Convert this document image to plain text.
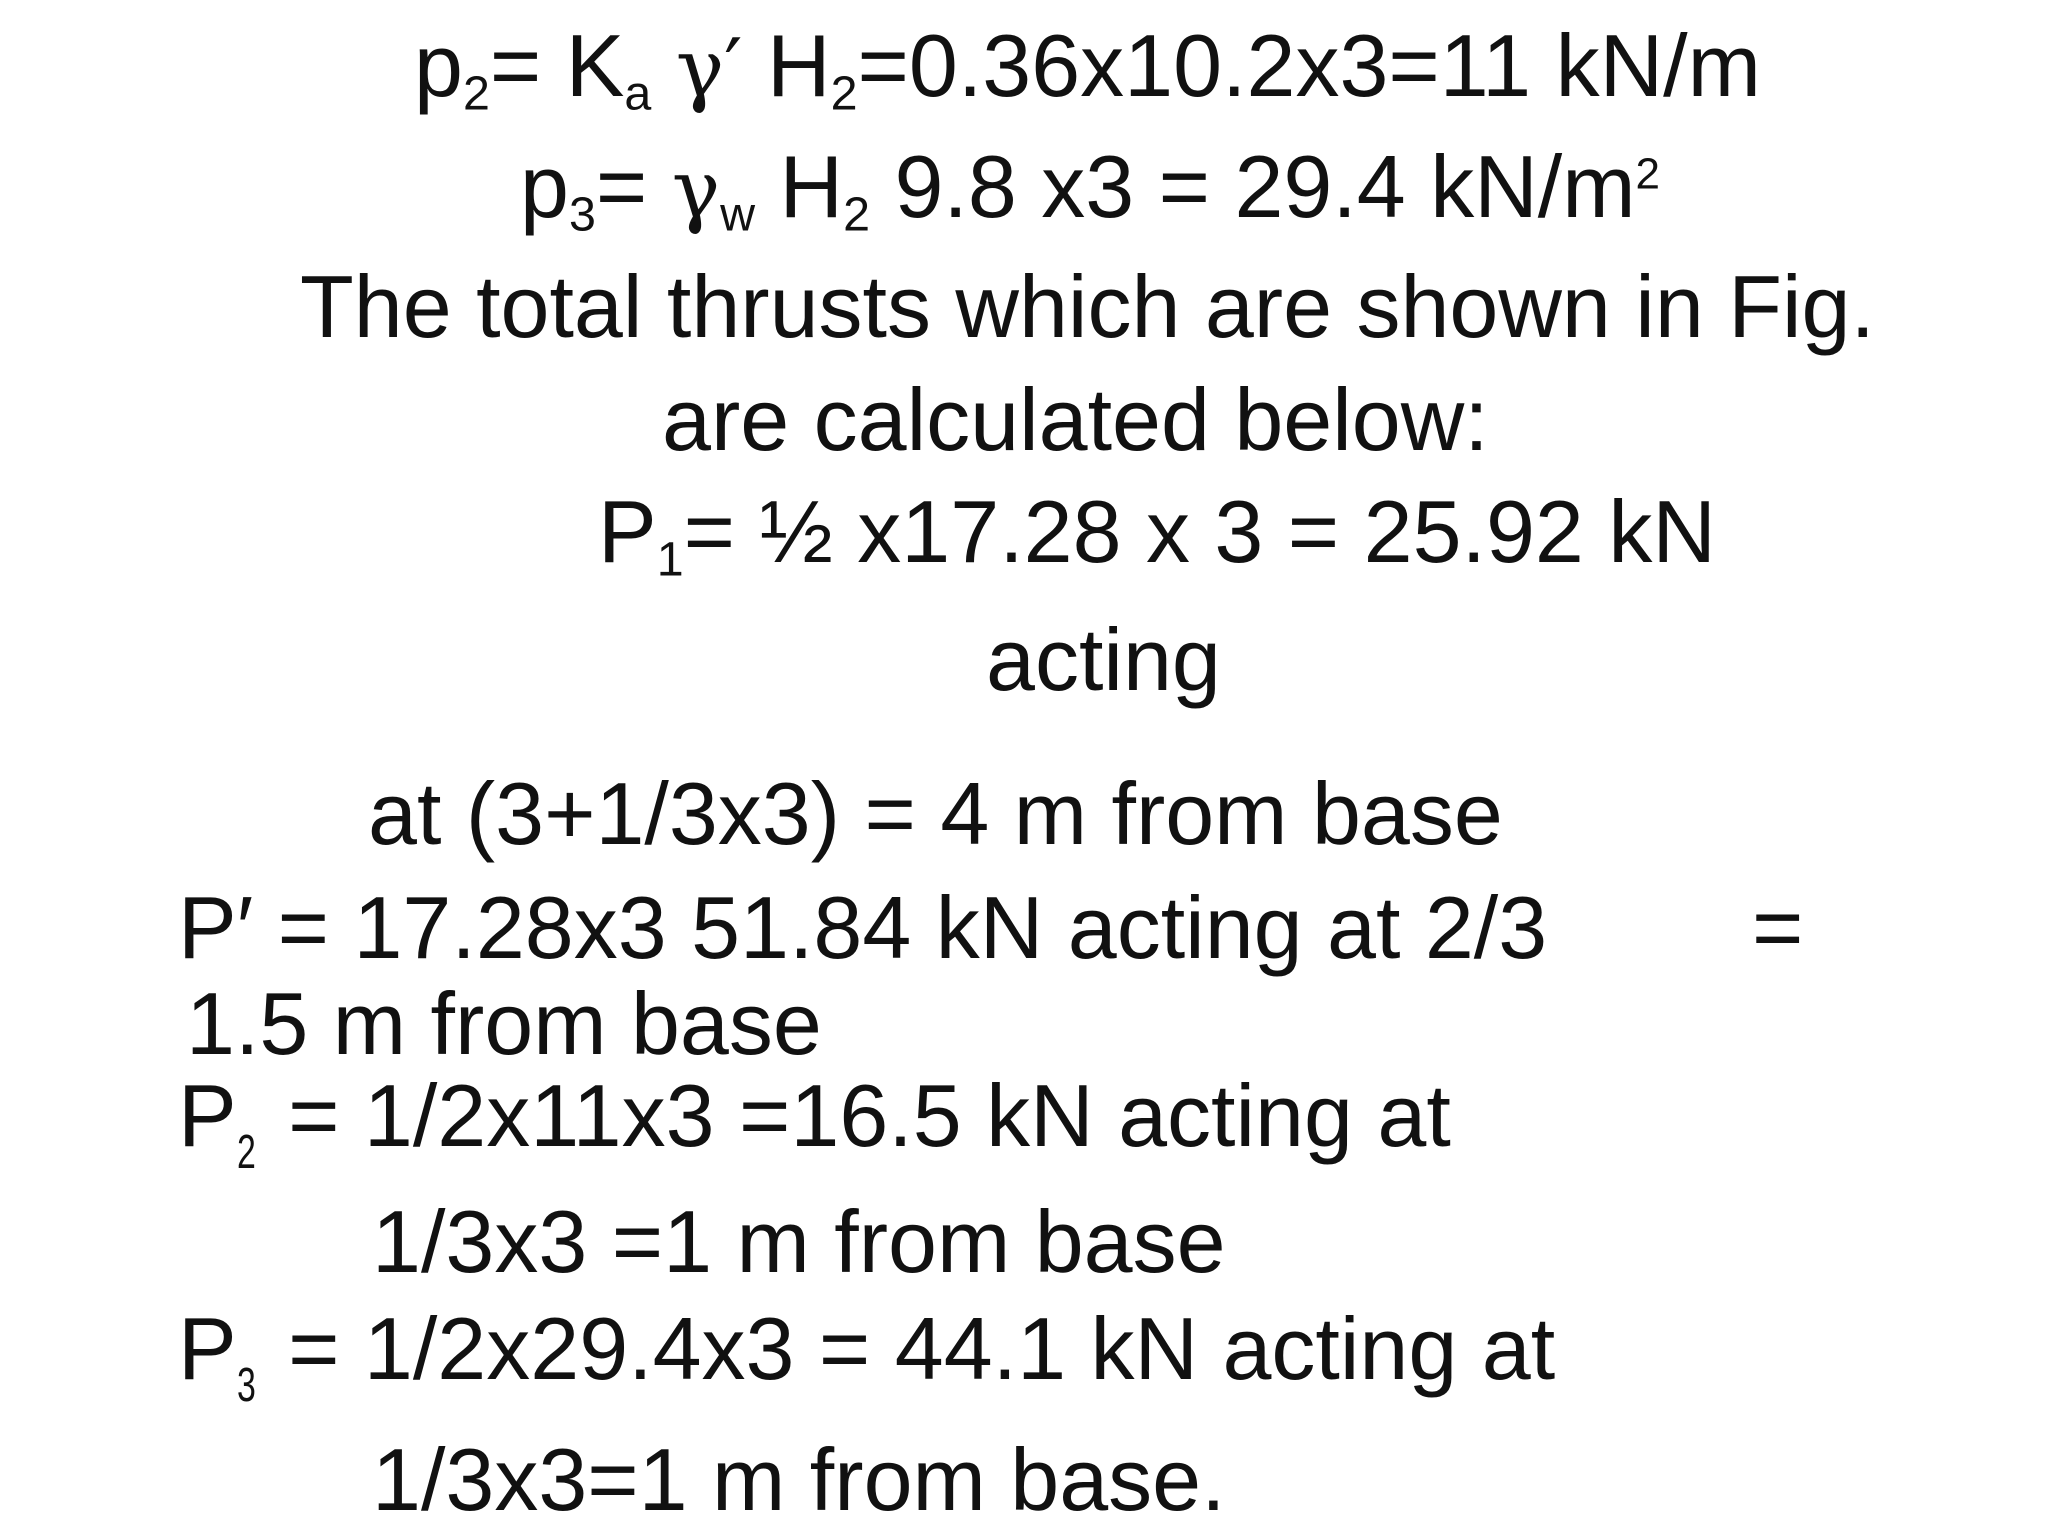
$p_2= K_a$ γ′ $H_2=0.36x10.2x3=11$ kN/m
$p_3= \gamma_w$ $H_2$ 9.8 x3 = 29.4 $kN/m^2$
The total thrusts which are shown in Fig.
are calculated below:
$P_1=$ ½ x17.28 x 3 = 25.92 kN
acting
at (3+1/3x3) = 4 m from base
P′ = 17.28x3 51.84 kN acting at 2/3 =
1.5 m from base
P2 = 1/2x11x3 =16.5 kN acting at
1/3x3 =1 m from base
P3 = 1/2x29.4x3 = 44.1 kN acting at
1/3x3=1 m from base.
